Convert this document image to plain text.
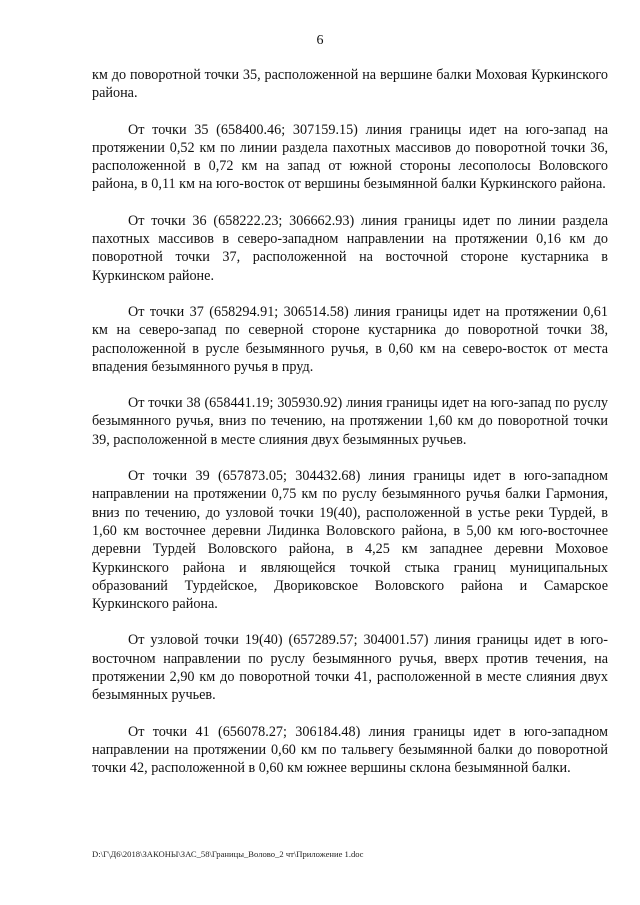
6

км до поворотной точки 35, расположенной на вершине балки Моховая Куркинского района.

От точки 35 (658400.46; 307159.15) линия границы идет на юго-запад на протяжении 0,52 км по линии раздела пахотных массивов до поворотной точки 36, расположенной в 0,72 км на запад от южной стороны лесополосы Воловского района, в 0,11 км на юго-восток от вершины безымянной балки Куркинского района.

От точки 36 (658222.23; 306662.93) линия границы идет по линии раздела пахотных массивов в северо-западном направлении на протяжении 0,16 км до поворотной точки 37, расположенной на восточной стороне кустарника в Куркинском районе.

От точки 37 (658294.91; 306514.58) линия границы идет на протяжении 0,61 км на северо-запад по северной стороне кустарника до поворотной точки 38, расположенной в русле безымянного ручья, в 0,60 км на северо-восток от места впадения безымянного ручья в пруд.

От точки 38 (658441.19; 305930.92) линия границы идет на юго-запад по руслу безымянного ручья, вниз по течению, на протяжении 1,60 км до поворотной точки 39, расположенной в месте слияния двух безымянных ручьев.

От точки 39 (657873.05; 304432.68) линия границы идет в юго-западном направлении на протяжении 0,75 км по руслу безымянного ручья балки Гармония, вниз по течению, до узловой точки 19(40), расположенной в устье реки Турдей, в 1,60 км восточнее деревни Лидинка Воловского района, в 5,00 км юго-восточнее деревни Турдей Воловского района, в 4,25 км западнее деревни Моховое Куркинского района и являющейся точкой стыка границ муниципальных образований Турдейское, Двориковское Воловского района и Самарское Куркинского района.

От узловой точки 19(40) (657289.57; 304001.57) линия границы идет в юго-восточном направлении по руслу безымянного ручья, вверх против течения, на протяжении 2,90 км до поворотной точки 41, расположенной в месте слияния двух безымянных ручьев.

От точки 41 (656078.27; 306184.48) линия границы идет в юго-западном направлении на протяжении 0,60 км по тальвегу безымянной балки до поворотной точки 42, расположенной в 0,60 км южнее вершины склона безымянной балки.

D:\Г\Д6\2018\ЗАКОНЫ\ЗАС_58\Границы_Волово_2 чт\Приложение 1.doc
